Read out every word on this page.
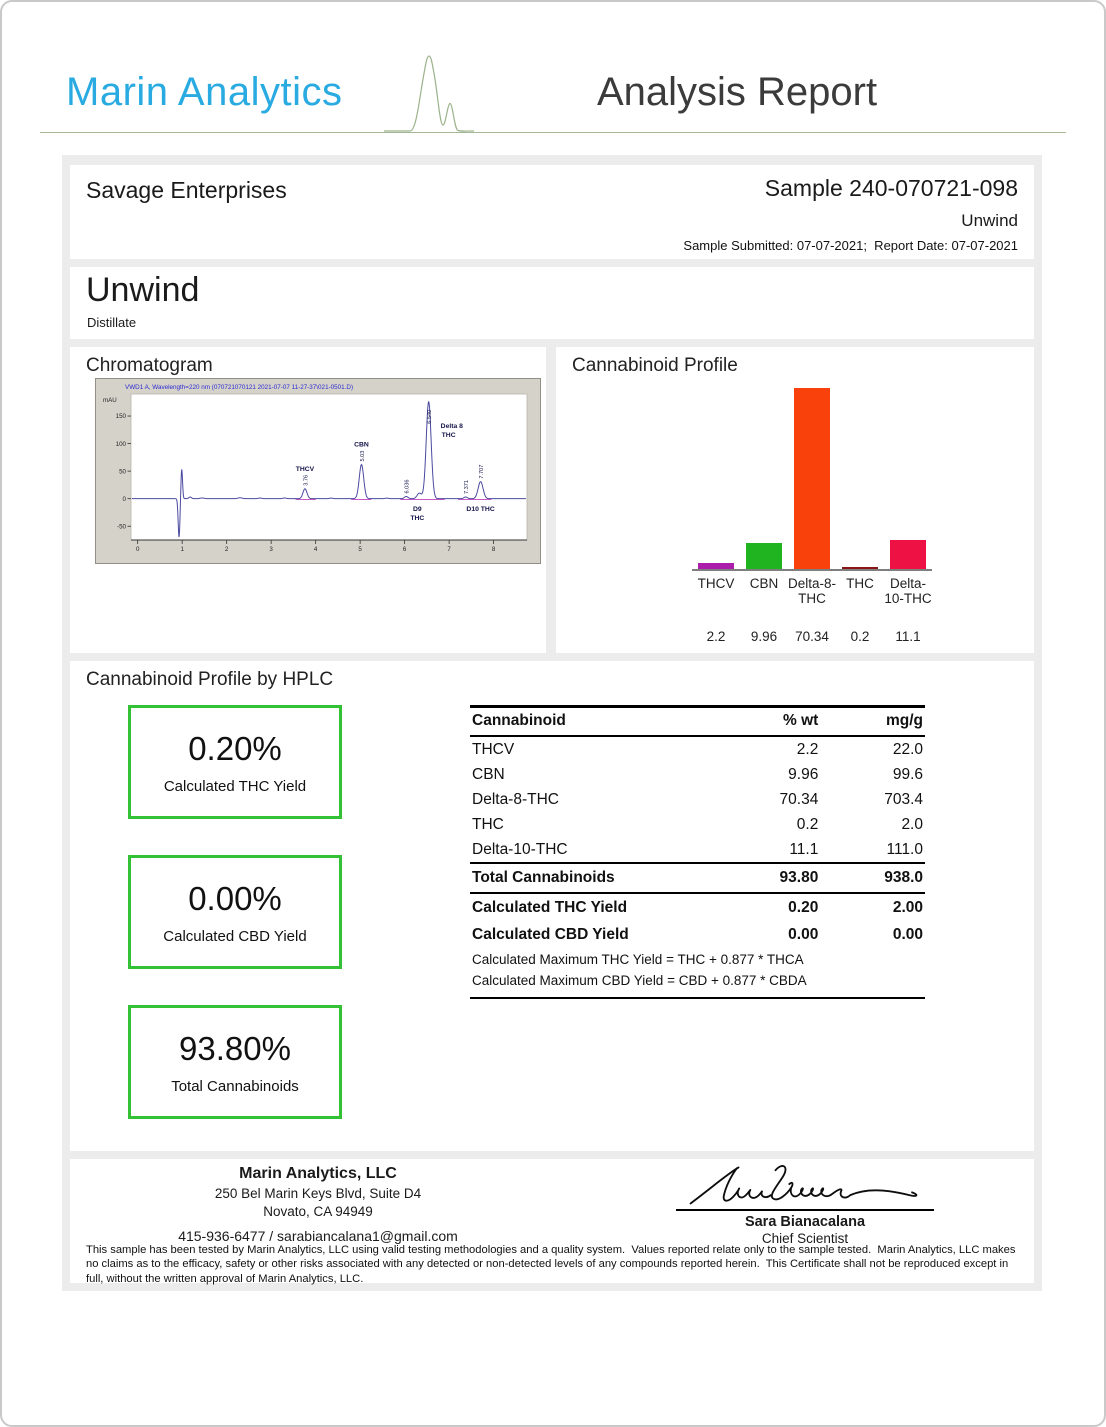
Marin Analytics	Analysis Report
Savage Enterprises	Sample 240-070721-098
Unwind
Sample Submitted: 07-07-2021;  Report Date: 07-07-2021
Unwind
Distillate
Chromatogram
VWD1 A, Wavelength=220 nm (070721070121 2021-07-07 11-27-37\021-0501.D)
0	1	2	3	4	5	6	7	8
150
100
50
0
-50
mAU
3.76
THCV
5.03
CBN
6.036
D9
THC
6.540
Delta 8
THC
7.371
7.707
D10 THC
Cannabinoid Profile
THCV	CBN Delta-8-THC
THC	Delta-10-THC
2.2	9.96	70.34	0.2	11.1
Cannabinoid Profile by HPLC
0.20%
Calculated THC Yield
0.00%
Calculated CBD Yield
93.80%
Total Cannabinoids
Cannabinoid	% wt	mg/g
THCV	2.2	22.0
CBN	9.96	99.6
Delta-8-THC	70.34	703.4
THC	0.2	2.0
Delta-10-THC	11.1	111.0
Total Cannabinoids	93.80	938.0
Calculated THC Yield	0.20	2.00
Calculated CBD Yield	0.00	0.00
Calculated Maximum THC Yield = THC + 0.877 * THCA		
Calculated Maximum CBD Yield = CBD + 0.877 * CBDA		
Marin Analytics, LLC
250 Bel Marin Keys Blvd, Suite D4
Novato, CA 94949
415-936-6477 / sarabiancalana1@gmail.com
Sara Bianacalana
Chief Scientist
This sample has been tested by Marin Analytics, LLC using valid testing methodologies and a quality system.  Values reported relate only to the sample tested.  Marin Analytics, LLC makes no claims as to the efficacy, safety or other risks associated with any detected or non-detected levels of any compounds reported herein.  This Certificate shall not be reproduced except in full, without the written approval of Marin Analytics, LLC.
